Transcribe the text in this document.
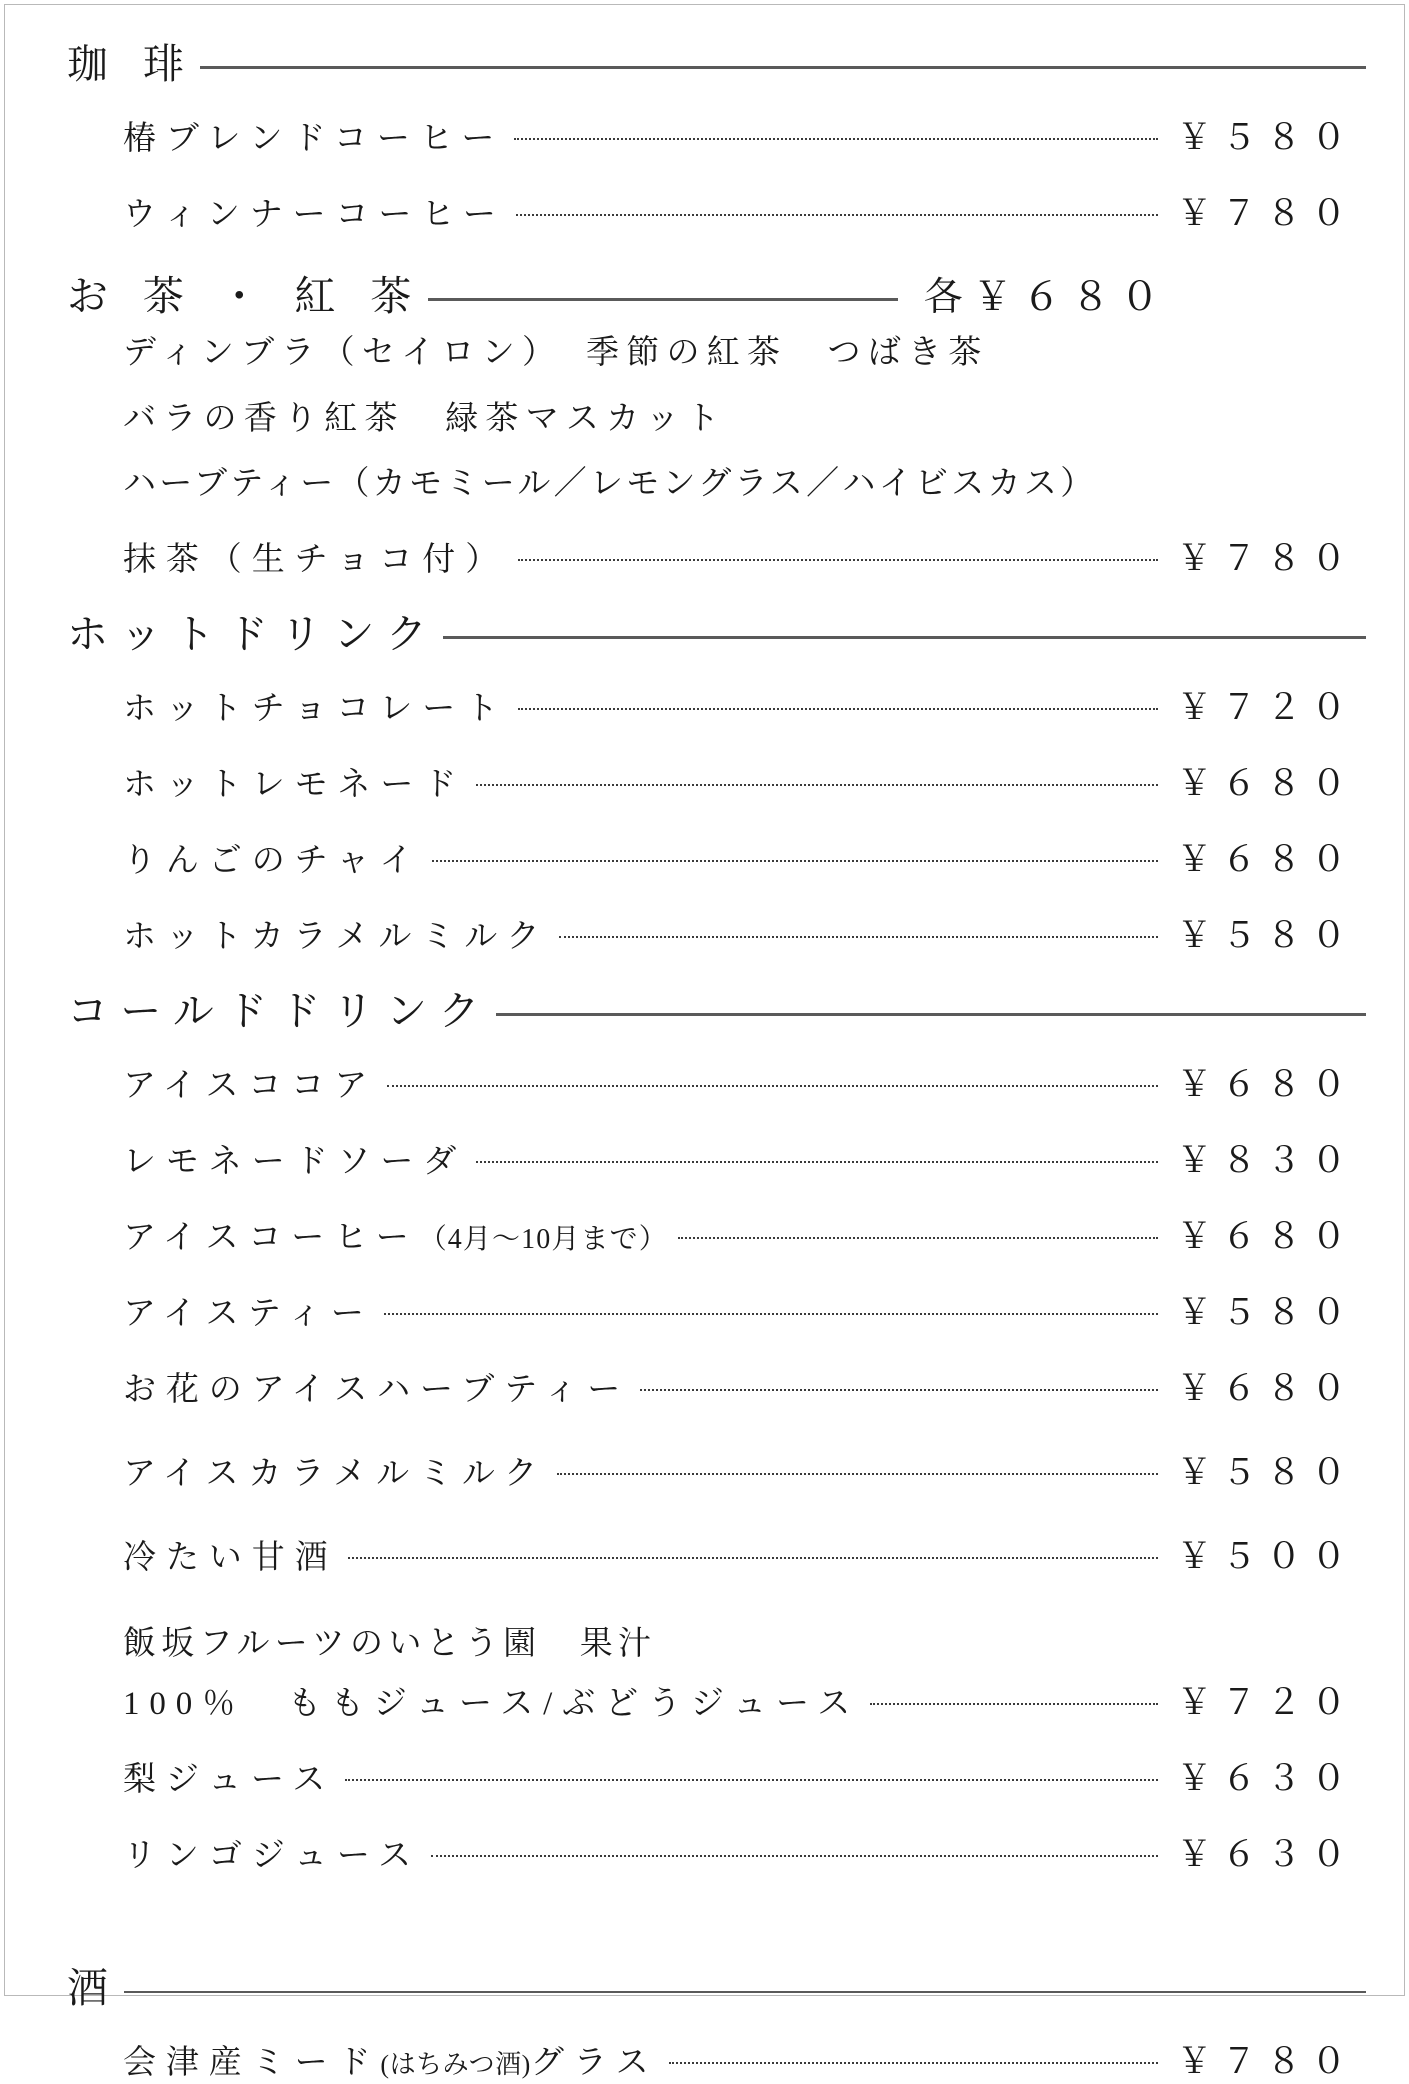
珈 琲
椿ブレンドコーヒー	￥５８０
ウィンナーコーヒー	￥７８０
お 茶 ・ 紅 茶	各￥６８０
ディンブラ（セイロン）　季節の紅茶　つばき茶
バラの香り紅茶　緑茶マスカット
ハーブティー（カモミール／レモングラス／ハイビスカス）
抹茶（生チョコ付）	￥７８０
ホットドリンク
ホットチョコレート	￥７２０
ホットレモネード	￥６８０
りんごのチャイ	￥６８０
ホットカラメルミルク	￥５８０
コールドドリンク
アイスココア	￥６８０
レモネードソーダ	￥８３０
アイスコーヒー（4月～10月まで）	￥６８０
アイスティー	￥５８０
お花のアイスハーブティー	￥６８０
アイスカラメルミルク	￥５８０
冷たい甘酒	￥５００
飯坂フルーツのいとう園　果汁
100％　ももジュース/ぶどうジュース	￥７２０
梨ジュース	￥６３０
リンゴジュース	￥６３０
酒
会津産ミード(はちみつ酒)グラス	￥７８０
